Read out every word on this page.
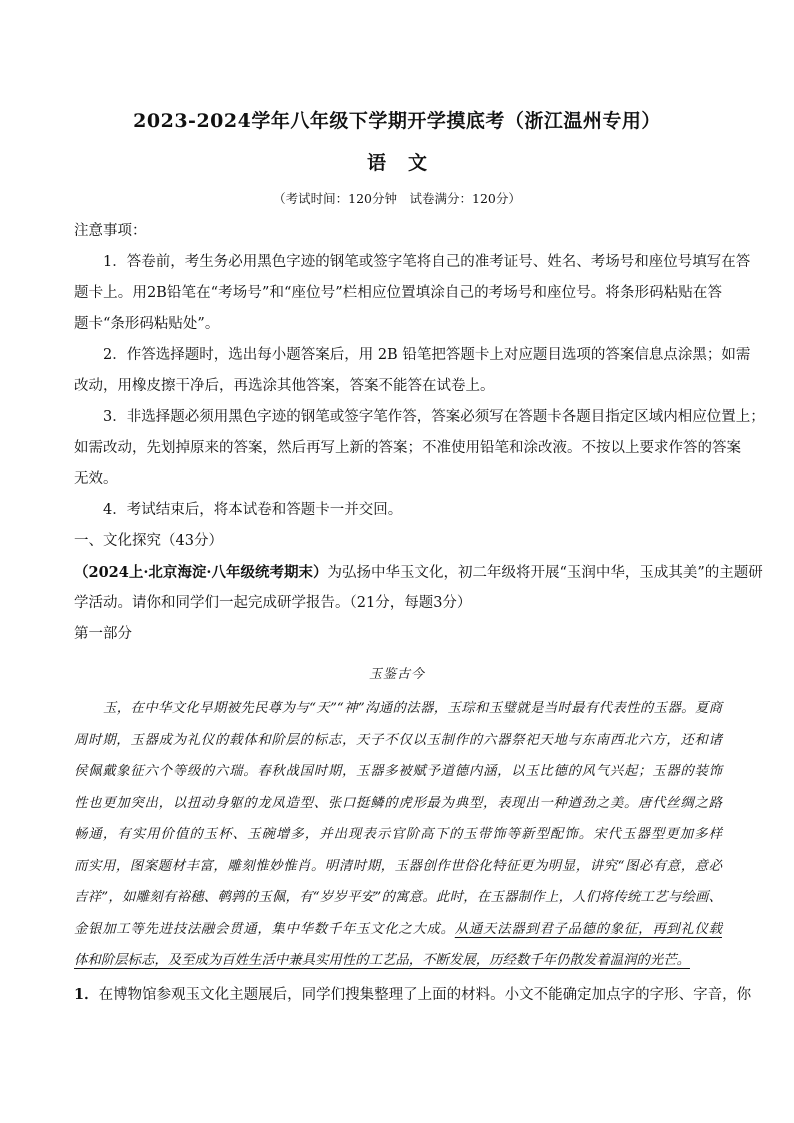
2023-2024学年八年级下学期开学摸底考（浙江温州专用）
语文
（考试时间：120分钟　试卷满分：120分）
注意事项：
1．答卷前，考生务必用黑色字迹的钢笔或签字笔将自己的准考证号、姓名、考场号和座位号填写在答
题卡上。用2B铅笔在“考场号”和“座位号”栏相应位置填涂自己的考场号和座位号。将条形码粘贴在答
题卡“条形码粘贴处”。
2．作答选择题时，选出每小题答案后，用 2B 铅笔把答题卡上对应题目选项的答案信息点涂黑；如需
改动，用橡皮擦干净后，再选涂其他答案，答案不能答在试卷上。
3．非选择题必须用黑色字迹的钢笔或签字笔作答，答案必须写在答题卡各题目指定区域内相应位置上；
如需改动，先划掉原来的答案，然后再写上新的答案；不准使用铅笔和涂改液。不按以上要求作答的答案
无效。
4．考试结束后，将本试卷和答题卡一并交回。
一、文化探究（43分）
（2024上·北京海淀·八年级统考期末）为弘扬中华玉文化，初二年级将开展“玉润中华，玉成其美”的主题研
学活动。请你和同学们一起完成研学报告。（21分，每题3分）
第一部分
玉鉴古今
玉，在中华文化早期被先民尊为与“天”“神”沟通的法器，玉琮和玉璧就是当时最有代表性的玉器。夏商
周时期，玉器成为礼仪的载体和阶层的标志，天子不仅以玉制作的六器祭祀天地与东南西北六方，还和诸
侯佩戴象征六个等级的六瑞。春秋战国时期，玉器多被赋予道德内涵，以玉比德的风气兴起；玉器的装饰
性也更加突出，以扭动身躯的龙凤造型、张口挺鳞的虎形最为典型，表现出一种遒劲之美。唐代丝绸之路
畅通，有实用价值的玉杯、玉碗增多，并出现表示官阶高下的玉带饰等新型配饰。宋代玉器型更加多样
而实用，图案题材丰富，雕刻惟妙惟肖。明清时期，玉器创作世俗化特征更为明显，讲究“图必有意，意必
吉祥”，如雕刻有裕穗、鹌鹑的玉佩，有“岁岁平安”的寓意。此时，在玉器制作上，人们将传统工艺与绘画、
金银加工等先进技法融会贯通，集中华数千年玉文化之大成。从通天法器到君子品德的象征，再到礼仪载
体和阶层标志，及至成为百姓生活中兼具实用性的工艺品，不断发展，历经数千年仍散发着温润的光芒。
1．在博物馆参观玉文化主题展后，同学们搜集整理了上面的材料。小文不能确定加点字的字形、字音，你
